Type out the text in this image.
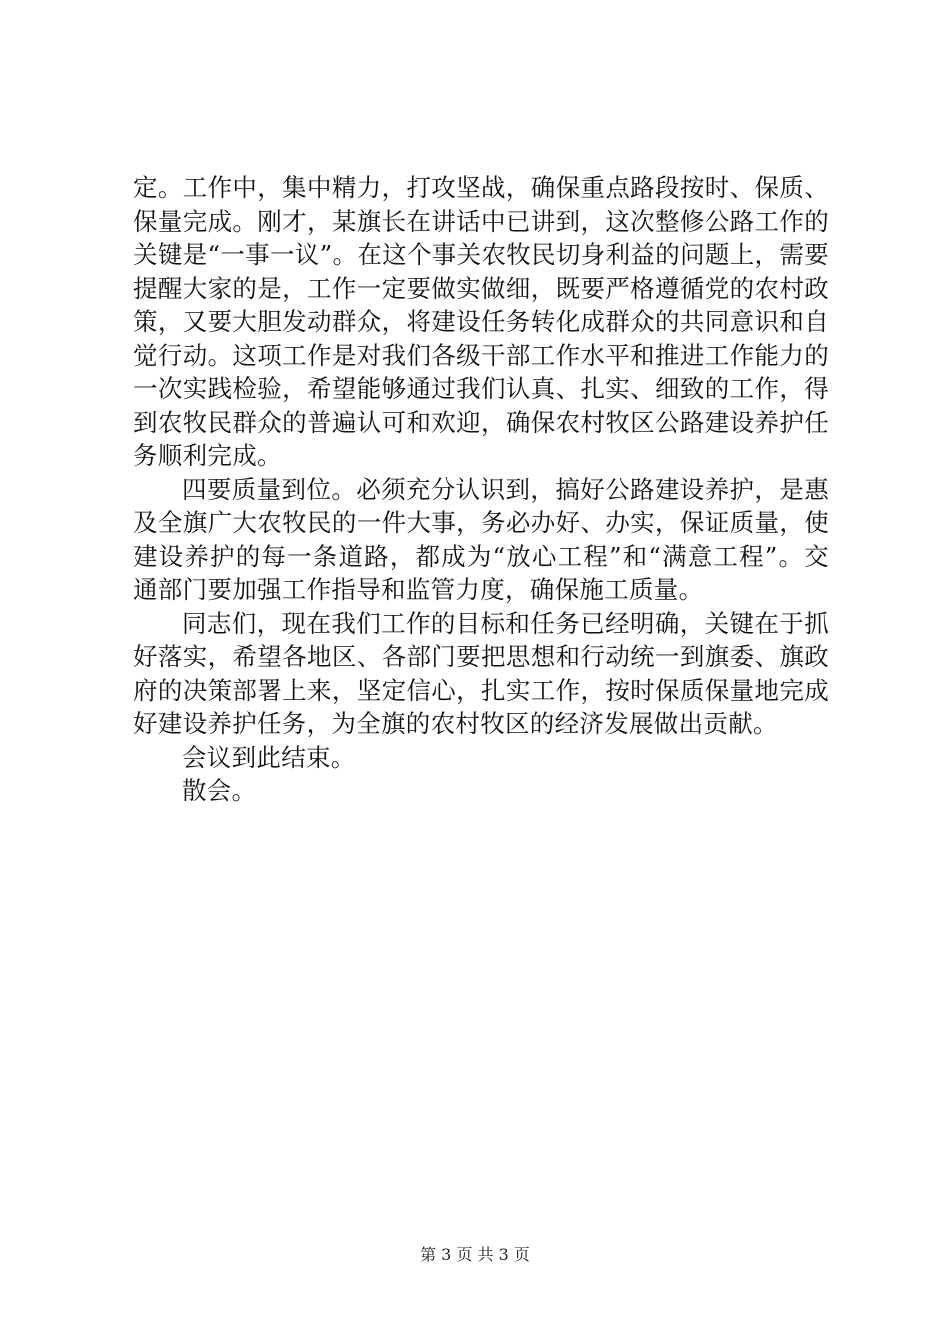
定。工作中，集中精力，打攻坚战，确保重点路段按时、保质、保量完成。刚才，某旗长在讲话中已讲到，这次整修公路工作的关键是“一事一议”。在这个事关农牧民切身利益的问题上，需要提醒大家的是，工作一定要做实做细，既要严格遵循党的农村政策，又要大胆发动群众，将建设任务转化成群众的共同意识和自觉行动。这项工作是对我们各级干部工作水平和推进工作能力的一次实践检验，希望能够通过我们认真、扎实、细致的工作，得到农牧民群众的普遍认可和欢迎，确保农村牧区公路建设养护任务顺利完成。

四要质量到位。必须充分认识到，搞好公路建设养护，是惠及全旗广大农牧民的一件大事，务必办好、办实，保证质量，使建设养护的每一条道路，都成为“放心工程”和“满意工程”。交通部门要加强工作指导和监管力度，确保施工质量。

同志们，现在我们工作的目标和任务已经明确，关键在于抓好落实，希望各地区、各部门要把思想和行动统一到旗委、旗政府的决策部署上来，坚定信心，扎实工作，按时保质保量地完成好建设养护任务，为全旗的农村牧区的经济发展做出贡献。

会议到此结束。

散会。

第 3 页 共 3 页
